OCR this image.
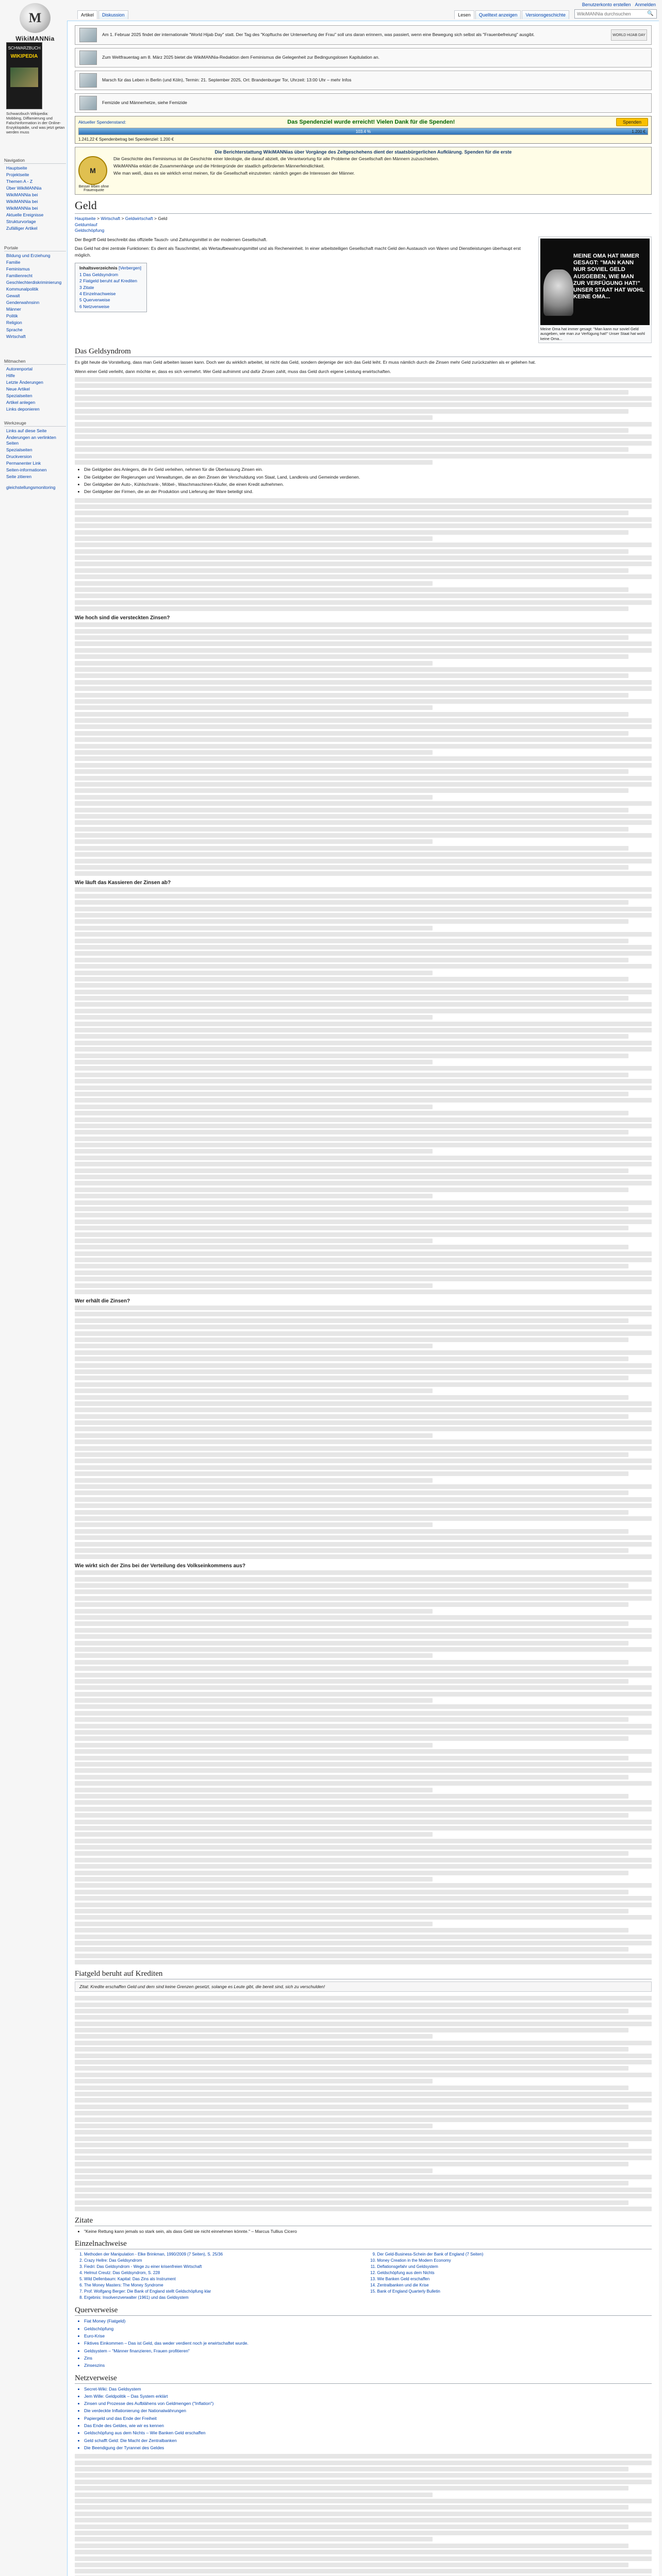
Benutzerkonto erstellen Anmelden
Artikel	Diskussion	Lesen	Quelltext anzeigen	Versionsgeschichte
WikiMANNia durchsuchen	🔍
M
WikiMANNia
SCHWARZBUCH
WIKIPEDIA
Schwarzbuch Wikipedia: Mobbing, Diffamierung und Falschinformation in der Online-Enzyklopädie, und was jetzt getan werden muss
Navigation
Hauptseite
Projektseite
Themen A - Z
Über WikiMANNia
WikiMANNia bei
WikiMANNia bei
WikiMANNia bei
Aktuelle Ereignisse
Strukturvorlage
Zufälliger Artikel
Portale
Bildung und Erziehung
Familie
Feminismus
Familienrecht
Geschlechterdiskriminierung
Kommunalpolitik
Gewalt
Genderwahnsinn
Männer
Politik
Religion
Sprache
Wirtschaft
Mitmachen
Autorenportal
Hilfe
Letzte Änderungen
Neue Artikel
Spezialseiten
Artikel anlegen
Links deponieren
Werkzeuge
Links auf diese Seite
Änderungen an verlinkten Seiten
Spezialseiten
Druckversion
Permanenter Link
Seiten-informationen
Seite zitieren
gleichstellungsmonitoring
Am 1. Februar 2025 findet der internationale "World Hijab Day" statt. Der Tag des "Kopftuchs der Unterwerfung der Frau" soll uns daran erinnern, was passiert, wenn eine Bewegung sich selbst als "Frauenbefreiung" ausgibt.	WORLD HIJAB DAY
Zum Weltfrauentag am 8. März 2025 bietet die WikiMANNia-Redaktion dem Feminismus die Gelegenheit zur Bedingungslosen Kapitulation an.
Marsch für das Leben in Berlin (und Köln), Termin: 21. September 2025, Ort: Brandenburger Tor, Uhrzeit: 13:00 Uhr – mehr Infos
Femizide und Männerhetze, siehe Femizide
Aktueller Spendenstand:	Das Spendenziel wurde erreicht! Vielen Dank für die Spenden!	Spenden
103.4 %	1.200 €
1.241,22 € Spendenbetrag bei Spendenziel: 1.200 €
Die Berichterstattung WikiMANNias über Vorgänge des Zeitgeschehens dient der staatsbürgerlichen Aufklärung. Spenden für die erste
M
Besser leben ohne Frauenquote

Die Geschichte des Feminismus ist die Geschichte einer Ideologie, die darauf abzielt, die Verantwortung für alle Probleme der Gesellschaft den Männern zuzuschieben.

WikiMANNia erklärt die Zusammenhänge und die Hintergründe der staatlich geförderten Männerfeindlichkeit.

Wie man weiß, dass es sie wirklich ernst meinen, für die Gesellschaft einzutreten: nämlich gegen die Interessen der Männer.

Geld
Hauptseite > Wirtschaft > Geldwirtschaft > Geld
Geldumlauf
Geldschöpfung
MEINE OMA HAT IMMER GESAGT: "MAN KANN NUR SOVIEL GELD AUSGEBEN, WIE MAN ZUR VERFÜGUNG HAT!" UNSER STAAT HAT WOHL KEINE OMA...
Meine Oma hat immer gesagt: "Man kann nur soviel Geld ausgeben, wie man zur Verfügung hat!" Unser Staat hat wohl keine Oma...

Der Begriff Geld beschreibt das offizielle Tausch- und Zahlungsmittel in der modernen Gesellschaft.

Das Geld hat drei zentrale Funktionen: Es dient als Tauschmittel, als Wertaufbewahrungsmittel und als Recheneinheit. In einer arbeitsteiligen Gesellschaft macht Geld den Austausch von Waren und Dienstleistungen überhaupt erst möglich.

Inhaltsverzeichnis [Verbergen]
1 Das Geldsyndrom
2 Fiatgeld beruht auf Krediten
3 Zitate
4 Einzelnachweise
5 Querverweise
6 Netzverweise
Das Geldsyndrom

Es gibt heute die Vorstellung, dass man Geld arbeiten lassen kann. Doch wer du wirklich arbeitet, ist nicht das Geld, sondern derjenige der sich das Geld leiht. Er muss nämlich durch die Zinsen mehr Geld zurückzahlen als er geliehen hat.

Wenn einer Geld verleiht, dann möchte er, dass es sich vermehrt. Wer Geld aufnimmt und dafür Zinsen zahlt, muss das Geld durch eigene Leistung erwirtschaften.

• Die Geldgeber des Anlegers, die ihr Geld verleihen, nehmen für die Überlassung Zinsen ein.
• Die Geldgeber der Regierungen und Verwaltungen, die an den Zinsen der Verschuldung von Staat, Land, Landkreis und Gemeinde verdienen.
• Der Geldgeber der Auto-, Kühlschrank-, Möbel-, Waschmaschinen-Käufer, die einen Kredit aufnehmen.
• Der Geldgeber der Firmen, die an der Produktion und Lieferung der Ware beteiligt sind.
Wie hoch sind die versteckten Zinsen?
Wie läuft das Kassieren der Zinsen ab?
Wer erhält die Zinsen?
Wie wirkt sich der Zins bei der Verteilung des Volkseinkommens aus?
Fiatgeld beruht auf Krediten
Zitat: Kredite erschaffen Geld und dem sind keine Grenzen gesetzt, solange es Leute gibt, die bereit sind, sich zu verschulden!
Zitate
• "Keine Rettung kann jemals so stark sein, als dass Geld sie nicht einnehmen könnte." – Marcus Tullius Cicero
Einzelnachweise
1. Methoden der Manipulation - Elke Brinkman, 1990/2009 (7 Seiten), S. 25/36
2. Crazy Hellre: Das Geldsyndrom
3. Fiedri: Das Geldsyndrom - Wege zu einer krisenfreien Wirtschaft
4. Helmut Creutz: Das Geldsyndrom, S. 228
5. Wild Dellenbaum: Kapital: Das Zins als Instrument
6. The Money Masters: The Money Syndrome
7. Prof. Wolfgang Berger: Die Bank of England stellt Geldschöpfung klar
8. Ergebnis: Insolvenzverwalter (1961) und das Geldsystem
9. Der Geld-Business-Schein der Bank of England (7 Seiten)
10. Money Creation in the Modern Economy
11. Deflationsgefahr und Geldsystem
12. Geldschöpfung aus dem Nichts
13. Wie Banken Geld erschaffen
14. Zentralbanken und die Krise
15. Bank of England Quarterly Bulletin
Querverweise
• Fiat Money (Fiatgeld)
• Geldschöpfung
• Euro-Krise
• Fiktives Einkommen – Das ist Geld, das weder verdient noch je erwirtschaftet wurde.
• Geldsystem – "Männer finanzieren, Frauen profitieren"
• Zins
• Zinseszins
Netzverweise
• Secret-Wiki: Das Geldsystem
• Jem Wille: Geldpolitik – Das System erklärt
• Zinsen und Prozesse des Aufblähens von Geldmengen ("Inflation")
• Die verdeckte Inflationierung der Nationalwährungen
• Papiergeld und das Ende der Freiheit
• Das Ende des Geldes, wie wir es kennen
• Geldschöpfung aus dem Nichts – Wie Banken Geld erschaffen
• Geld schafft Geld: Die Macht der Zentralbanken
• Die Beendigung der Tyrannei des Geldes
